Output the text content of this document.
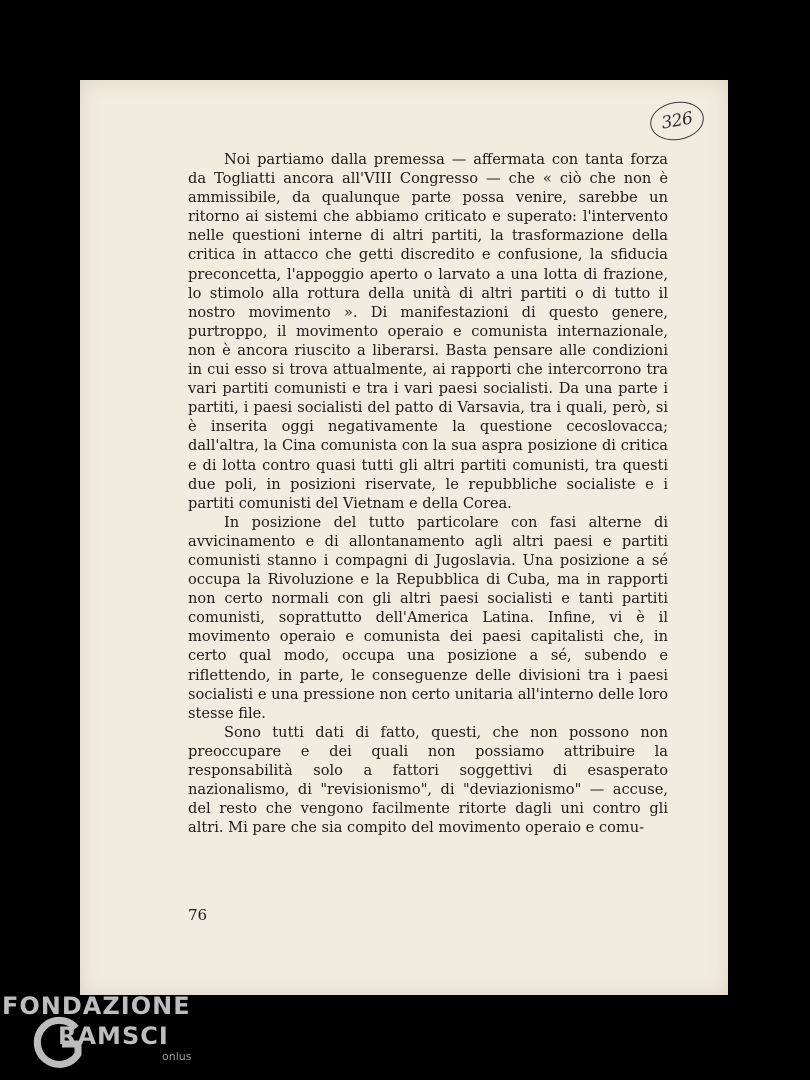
326

Noi partiamo dalla premessa — affermata con tanta forza da Togliatti ancora all'VIII Congresso — che « ciò che non è ammissibile, da qualunque parte possa venire, sarebbe un ritorno ai sistemi che abbiamo criticato e superato: l'intervento nelle questioni interne di altri partiti, la trasformazione della critica in attacco che getti discredito e confusione, la sfiducia preconcetta, l'appoggio aperto o larvato a una lotta di frazione, lo stimolo alla rottura della unità di altri partiti o di tutto il nostro movimento ». Di manifestazioni di questo genere, purtroppo, il movimento operaio e comunista internazionale, non è ancora riuscito a liberarsi. Basta pensare alle condizioni in cui esso si trova attualmente, ai rapporti che intercorrono tra vari partiti comunisti e tra i vari paesi socialisti. Da una parte i partiti, i paesi socialisti del patto di Varsavia, tra i quali, però, si è inserita oggi negativamente la questione cecoslovacca; dall'altra, la Cina comunista con la sua aspra posizione di critica e di lotta contro quasi tutti gli altri partiti comunisti, tra questi due poli, in posizioni riservate, le repubbliche socialiste e i partiti comunisti del Vietnam e della Corea.

In posizione del tutto particolare con fasi alterne di avvicinamento e di allontanamento agli altri paesi e partiti comunisti stanno i compagni di Jugoslavia. Una posizione a sé occupa la Rivoluzione e la Repubblica di Cuba, ma in rapporti non certo normali con gli altri paesi socialisti e tanti partiti comunisti, soprattutto dell'America Latina. Infine, vi è il movimento operaio e comunista dei paesi capitalisti che, in certo qual modo, occupa una posizione a sé, subendo e riflettendo, in parte, le conseguenze delle divisioni tra i paesi socialisti e una pressione non certo unitaria all'interno delle loro stesse file.

Sono tutti dati di fatto, questi, che non possono non preoccupare e dei quali non possiamo attribuire la responsabilità solo a fattori soggettivi di esasperato nazionalismo, di "revisionismo", di "deviazionismo" — accuse, del resto che vengono facilmente ritorte dagli uni contro gli altri. Mi pare che sia compito del movimento operaio e comu-

76
FONDAZIONE
RAMSCI
onlus
